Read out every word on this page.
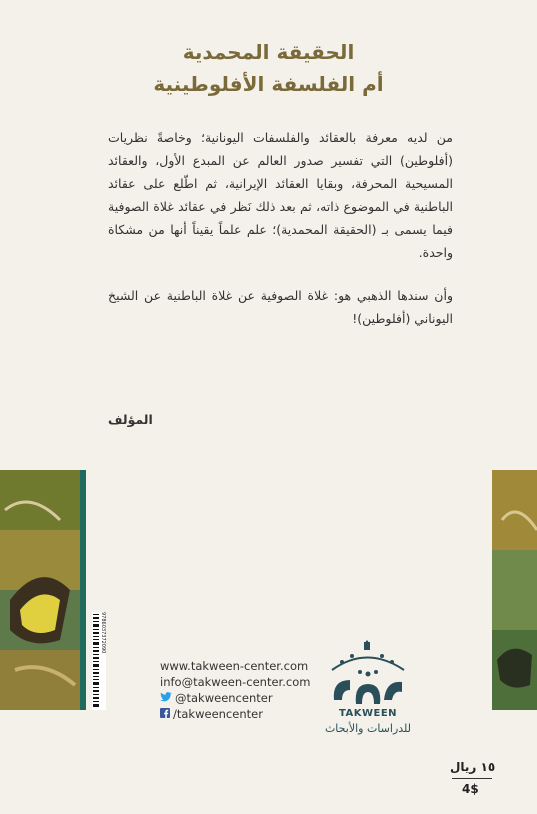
الحقيقة المحمدية
أم الفلسفة الأفلوطينية
من لديه معرفة بالعقائد والفلسفات اليونانية؛ وخاصةً نظريات (أفلوطين) التي تفسير صدور العالم عن المبدع الأول، والعقائد المسيحية المحرفة، وبقايا العقائد الإيرانية، ثم اطّلع على عقائد الباطنية في الموضوع ذاته، ثم بعد ذلك نَظر في عقائد غلاة الصوفية فيما يسمى بـ (الحقيقة المحمدية)؛ علم علماً يقيناً أنها من مشكاة واحدة.
وأن سندها الذهبي هو: غلاة الصوفية عن غلاة الباطنية عن الشيخ اليوناني (أفلوطين)!
المؤلف
9786037372090
www.takween-center.com
info@takween-center.com
@takweencenter
/takweencenter	TAKWEEN
للدراسات والأبحاث
١٥ ريال
4$
